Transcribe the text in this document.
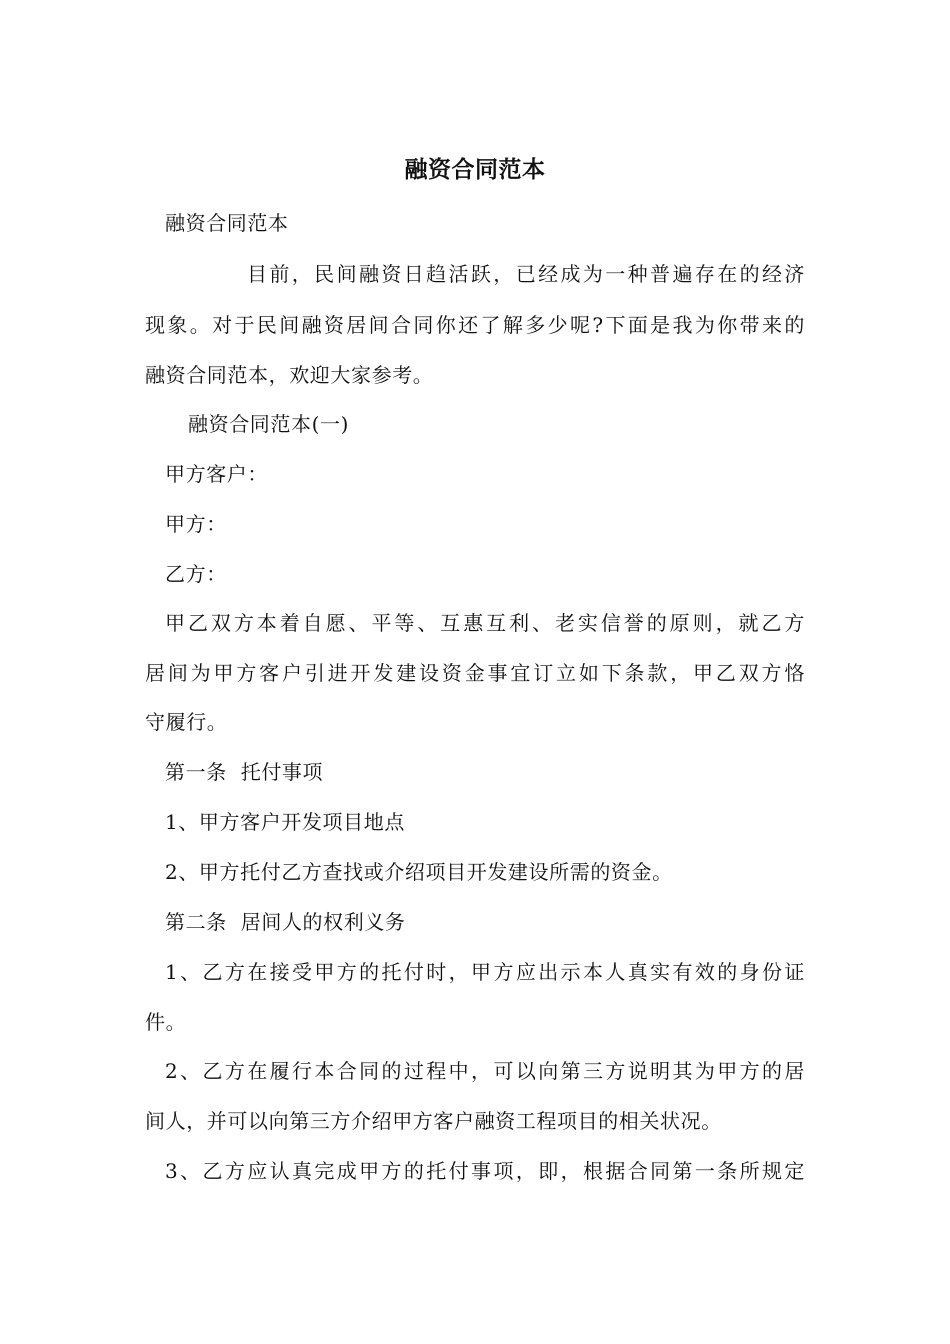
融资合同范本
融资合同范本
目前，民间融资日趋活跃，已经成为一种普遍存在的经济
现象。对于民间融资居间合同你还了解多少呢?下面是我为你带来的
融资合同范本，欢迎大家参考。
融资合同范本(一)
甲方客户：
甲方：
乙方：
甲乙双方本着自愿、平等、互惠互利、老实信誉的原则，就乙方
居间为甲方客户引进开发建设资金事宜订立如下条款，甲乙双方恪
守履行。
第一条  托付事项
1、甲方客户开发项目地点
2、甲方托付乙方查找或介绍项目开发建设所需的资金。
第二条  居间人的权利义务
1、乙方在接受甲方的托付时，甲方应出示本人真实有效的身份证
件。
2、乙方在履行本合同的过程中，可以向第三方说明其为甲方的居
间人，并可以向第三方介绍甲方客户融资工程项目的相关状况。
3、乙方应认真完成甲方的托付事项，即，根据合同第一条所规定
